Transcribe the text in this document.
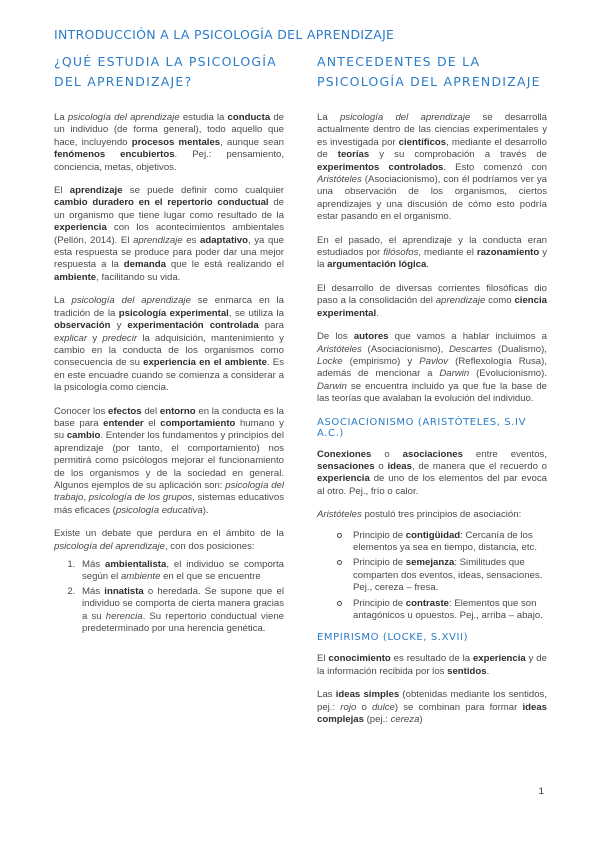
INTRODUCCIÓN A LA PSICOLOGÍA DEL APRENDIZAJE
¿QUÉ ESTUDIA LA PSICOLOGÍA DEL APRENDIZAJE?

La psicología del aprendizaje estudia la conducta de un individuo (de forma general), todo aquello que hace, incluyendo procesos mentales, aunque sean fenómenos encubiertos. Pej.: pensamiento, conciencia, metas, objetivos.

El aprendizaje se puede definir como cualquier cambio duradero en el repertorio conductual de un organismo que tiene lugar como resultado de la experiencia con los acontecimientos ambientales (Pellón, 2014). El aprendizaje es adaptativo, ya que esta respuesta se produce para poder dar una mejor respuesta a la demanda que le está realizando el ambiente, facilitando su vida.

La psicología del aprendizaje se enmarca en la tradición de la psicología experimental, se utiliza la observación y experimentación controlada para explicar y predecir la adquisición, mantenimiento y cambio en la conducta de los organismos como consecuencia de su experiencia en el ambiente. Es en este encuadre cuando se comienza a considerar a la psicología como ciencia.

Conocer los efectos del entorno en la conducta es la base para entender el comportamiento humano y su cambio. Entender los fundamentos y principios del aprendizaje (por tanto, el comportamiento) nos permitirá como psicólogos mejorar el funcionamiento de los organismos y de la sociedad en general. Algunos ejemplos de su aplicación son: psicología del trabajo, psicología de los grupos, sistemas educativos más eficaces (psicología educativa).

Existe un debate que perdura en el ámbito de la psicología del aprendizaje, con dos posiciones:

1. Más ambientalista, el individuo se comporta según el ambiente en el que se encuentre
2. Más innatista o heredada. Se supone que el individuo se comporta de cierta manera gracias a su herencia. Su repertorio conductual viene predeterminado por una herencia genética.
ANTECEDENTES DE LA PSICOLOGÍA DEL APRENDIZAJE

La psicología del aprendizaje se desarrolla actualmente dentro de las ciencias experimentales y es investigada por científicos, mediante el desarrollo de teorías y su comprobación a través de experimentos controlados. Esto comenzó con Aristóteles (Asociacionismo), con él podríamos ver ya una observación de los organismos, ciertos aprendizajes y una discusión de cómo esto podría estar pasando en el organismo.

En el pasado, el aprendizaje y la conducta eran estudiados por filósofos, mediante el razonamiento y la argumentación lógica.

El desarrollo de diversas corrientes filosóficas dio paso a la consolidación del aprendizaje como ciencia experimental.

De los autores que vamos a hablar incluimos a Aristóteles (Asociacionismo), Descartes (Dualismo), Locke (empirismo) y Pavlov (Reflexología Rusa), además de mencionar a Darwin (Evolucionismo). Darwin se encuentra incluido ya que fue la base de las teorías que avalaban la evolución del individuo.

ASOCIACIONISMO (ARISTÓTELES, S.IV A.C.)

Conexiones o asociaciones entre eventos, sensaciones o ideas, de manera que el recuerdo o experiencia de uno de los elementos del par evoca al otro. Pej., frío o calor.

Aristóteles postuló tres principios de asociación:

Principio de contigüidad: Cercanía de los elementos ya sea en tiempo, distancia, etc.
Principio de semejanza: Similitudes que comparten dos eventos, ideas, sensaciones. Pej., cereza – fresa.
Principio de contraste: Elementos que son antagónicos u opuestos. Pej., arriba – abajo.
EMPIRISMO (LOCKE, S.XVII)

El conocimiento es resultado de la experiencia y de la información recibida por los sentidos.

Las ideas simples (obtenidas mediante los sentidos, pej.: rojo o dulce) se combinan para formar ideas complejas (pej.: cereza)

1
